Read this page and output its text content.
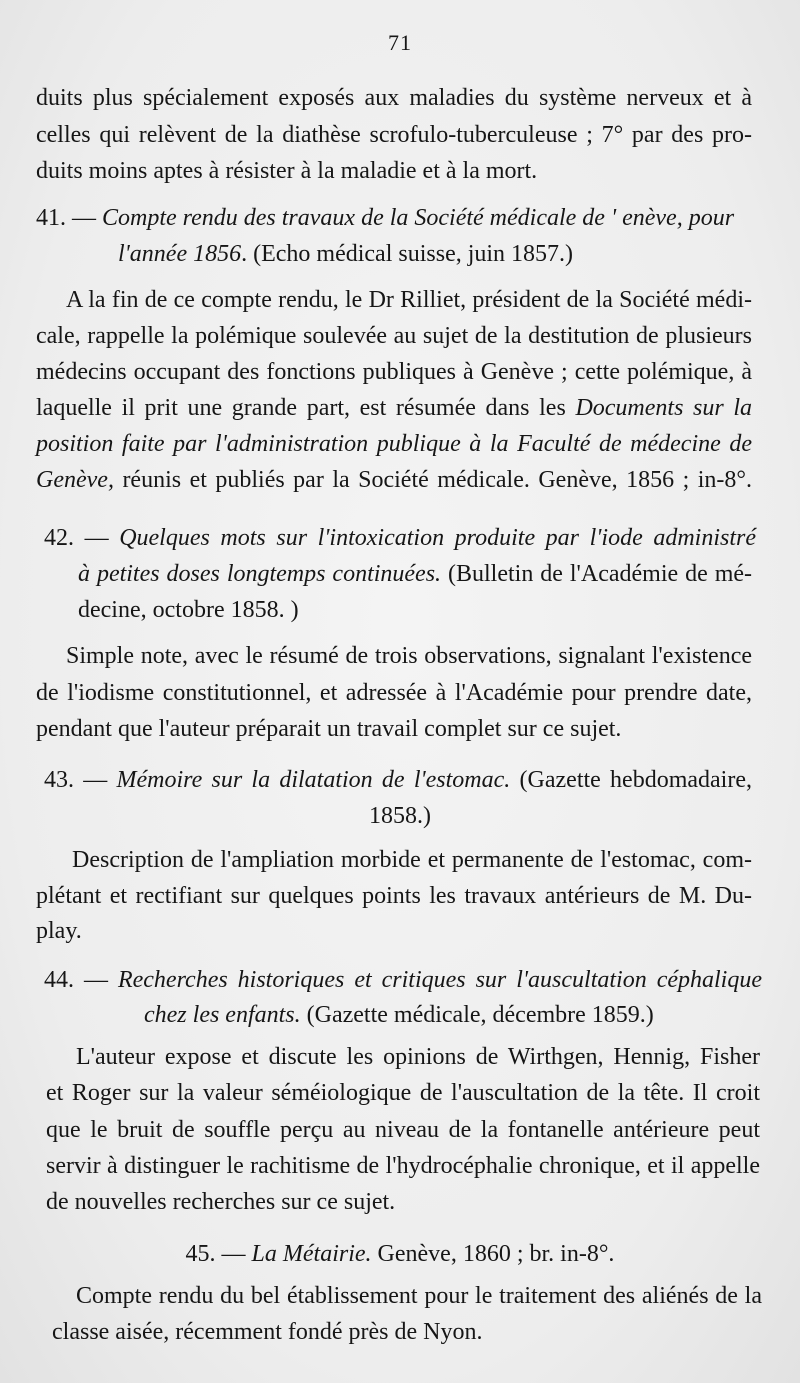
71
duits plus spécialement exposés aux maladies du système nerveux et à
celles qui relèvent de la diathèse scrofulo-tuberculeuse ; 7° par des pro-
duits moins aptes à résister à la maladie et à la mort.
41. — Compte rendu des travaux de la Société médicale de ' enève, pour
l'année 1856. (Echo médical suisse, juin 1857.)
A la fin de ce compte rendu, le Dr Rilliet, président de la Société médi-
cale, rappelle la polémique soulevée au sujet de la destitution de plusieurs
médecins occupant des fonctions publiques à Genève ; cette polémique, à
laquelle il prit une grande part, est résumée dans les Documents sur la
position faite par l'administration publique à la Faculté de médecine de
Genève, réunis et publiés par la Société médicale. Genève, 1856 ; in-8°.
42. — Quelques mots sur l'intoxication produite par l'iode administré
à petites doses longtemps continuées. (Bulletin de l'Académie de mé-
decine, octobre 1858. )
Simple note, avec le résumé de trois observations, signalant l'existence
de l'iodisme constitutionnel, et adressée à l'Académie pour prendre date,
pendant que l'auteur préparait un travail complet sur ce sujet.
43. — Mémoire sur la dilatation de l'estomac. (Gazette hebdomadaire,
1858.)
Description de l'ampliation morbide et permanente de l'estomac, com-
plétant et rectifiant sur quelques points les travaux antérieurs de M. Du-
play.
44. — Recherches historiques et critiques sur l'auscultation céphalique
chez les enfants. (Gazette médicale, décembre 1859.)
L'auteur expose et discute les opinions de Wirthgen, Hennig, Fisher
et Roger sur la valeur séméiologique de l'auscultation de la tête. Il croit
que le bruit de souffle perçu au niveau de la fontanelle antérieure peut
servir à distinguer le rachitisme de l'hydrocéphalie chronique, et il appelle
de nouvelles recherches sur ce sujet.
45. — La Métairie. Genève, 1860 ; br. in-8°.
Compte rendu du bel établissement pour le traitement des aliénés de la
classe aisée, récemment fondé près de Nyon.
